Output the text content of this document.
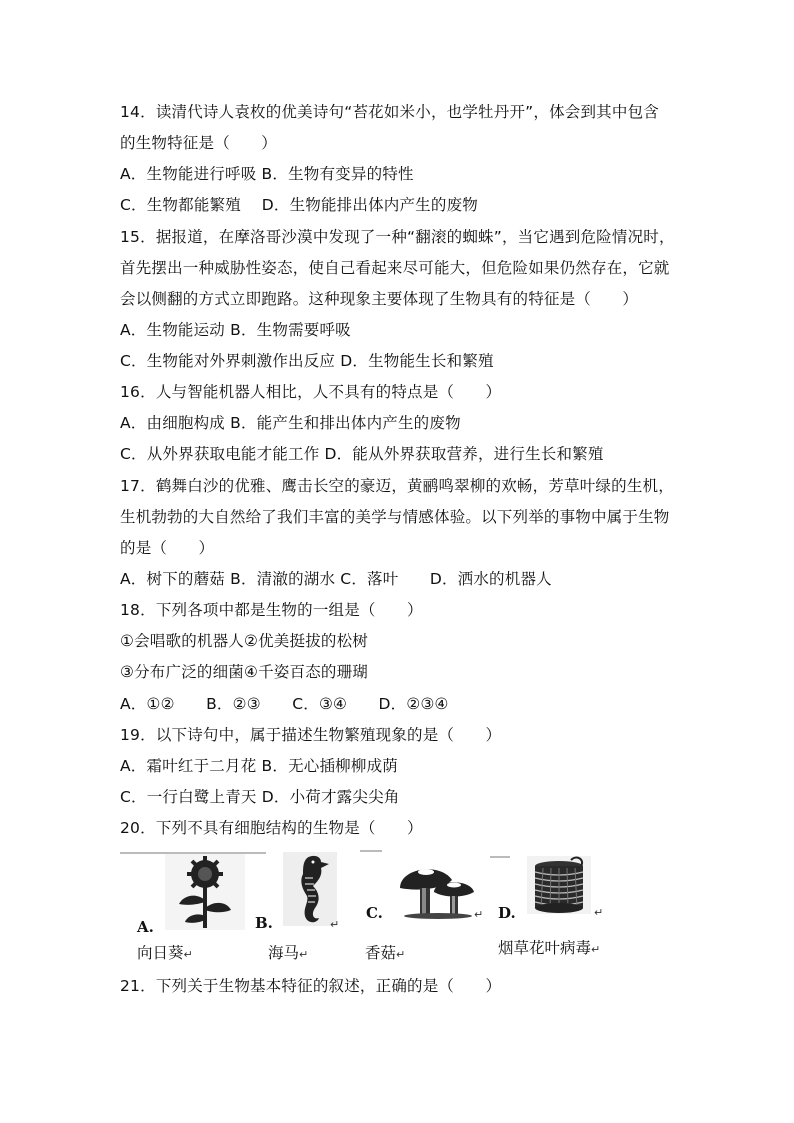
14．读清代诗人袁枚的优美诗句“苔花如米小，也学牡丹开”，体会到其中包含
的生物特征是（　　）
A．生物能进行呼吸 B．生物有变异的特性
C．生物都能繁殖　 D．生物能排出体内产生的废物
15．据报道，在摩洛哥沙漠中发现了一种“翻滚的蜘蛛”，当它遇到危险情况时，
首先摆出一种威胁性姿态，使自己看起来尽可能大，但危险如果仍然存在，它就
会以侧翻的方式立即跑路。这种现象主要体现了生物具有的特征是（　　）
A．生物能运动 B．生物需要呼吸
C．生物能对外界刺激作出反应 D．生物能生长和繁殖
16．人与智能机器人相比，人不具有的特点是（　　）
A．由细胞构成 B．能产生和排出体内产生的废物
C．从外界获取电能才能工作 D．能从外界获取营养，进行生长和繁殖
17．鹤舞白沙的优雅、鹰击长空的豪迈，黄鹂鸣翠柳的欢畅，芳草叶绿的生机，
生机勃勃的大自然给了我们丰富的美学与情感体验。以下列举的事物中属于生物
的是（　　）
A．树下的蘑菇 B．清澈的湖水 C．落叶　　D．洒水的机器人
18．下列各项中都是生物的一组是（　　）
①会唱歌的机器人②优美挺拔的松树
③分布广泛的细菌④千姿百态的珊瑚
A．①②　　B．②③　　C．③④　　D．②③④
19．以下诗句中，属于描述生物繁殖现象的是（　　）
A．霜叶红于二月花 B．无心插柳柳成荫
C．一行白鹭上青天 D．小荷才露尖尖角
20．下列不具有细胞结构的生物是（　　）
A.
向日葵↵
B.
海马↵
↵
C.
香菇↵
↵ D.
烟草花叶病毒↵
↵
21．下列关于生物基本特征的叙述，正确的是（　　）
